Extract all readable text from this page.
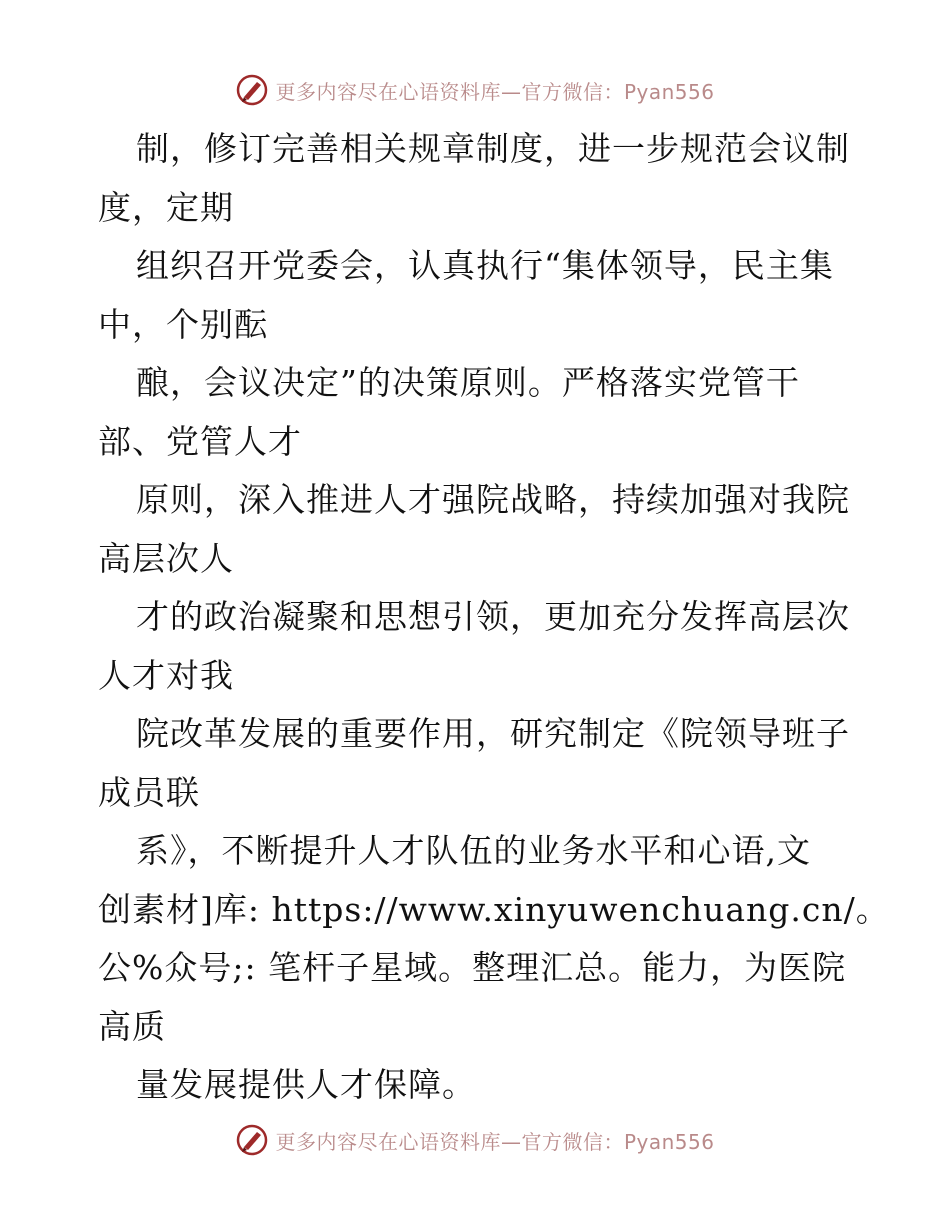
更多内容尽在心语资料库—官方微信：Pyan556
制，修订完善相关规章制度，进一步规范会议制
度，定期
组织召开党委会，认真执行“集体领导，民主集
中，个别酝
酿，会议决定”的决策原则。严格落实党管干
部、党管人才
原则，深入推进人才强院战略，持续加强对我院
高层次人
才的政治凝聚和思想引领，更加充分发挥高层次
人才对我
院改革发展的重要作用，研究制定《院领导班子
成员联
系》，不断提升人才队伍的业务水平和心语,文
创素材]库: https://www.xinyuwenchuang.cn/。
公%众号;: 笔杆子星域。整理汇总。能力，为医院
高质
量发展提供人才保障。
更多内容尽在心语资料库—官方微信：Pyan556
